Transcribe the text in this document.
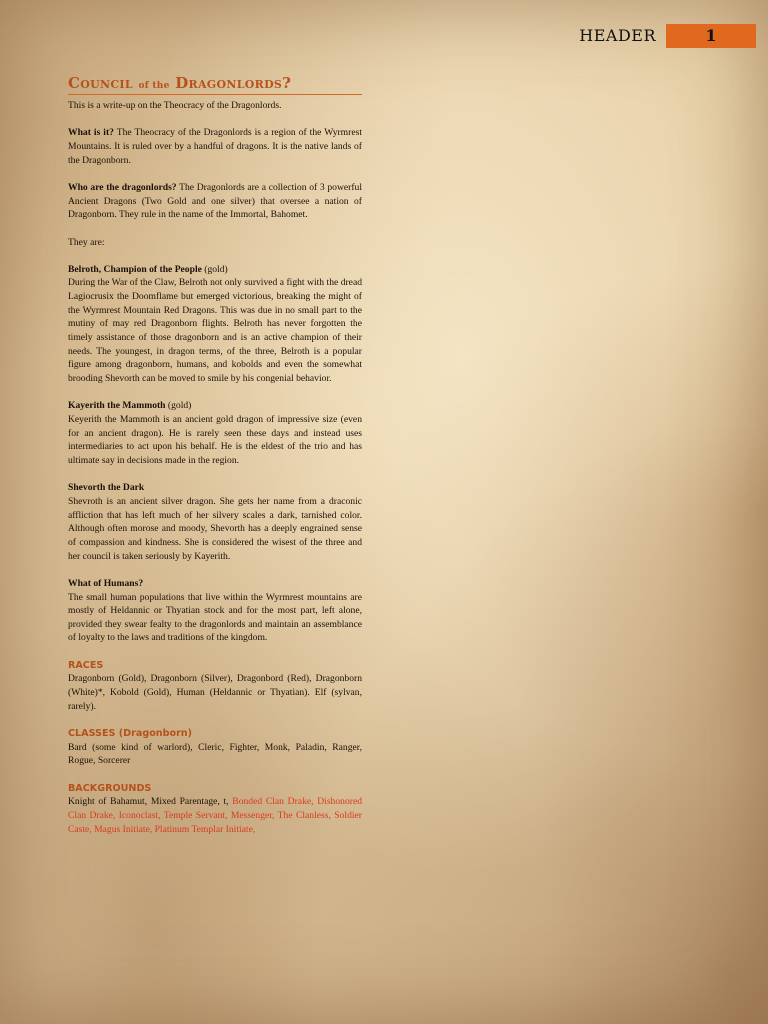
HEADER	1
Council of the Dragonlords?

This is a write-up on the Theocracy of the Dragonlords.

What is it? The Theocracy of the Dragonlords is a region of the Wyrmrest Mountains. It is ruled over by a handful of dragons. It is the native lands of the Dragonborn.

Who are the dragonlords? The Dragonlords are a collection of 3 powerful Ancient Dragons (Two Gold and one silver) that oversee a nation of Dragonborn. They rule in the name of the Immortal, Bahomet.

They are:

Belroth, Champion of the People (gold)

During the War of the Claw, Belroth not only survived a fight with the dread Lagiocrusix the Doomflame but emerged victorious, breaking the might of the Wyrmrest Mountain Red Dragons. This was due in no small part to the mutiny of may red Dragonborn flights. Belroth has never forgotten the timely assistance of those dragonborn and is an active champion of their needs. The youngest, in dragon terms, of the three, Belroth is a popular figure among dragonborn, humans, and kobolds and even the somewhat brooding Shevorth can be moved to smile by his congenial behavior.

Kayerith the Mammoth (gold)

Keyerith the Mammoth is an ancient gold dragon of impressive size (even for an ancient dragon). He is rarely seen these days and instead uses intermediaries to act upon his behalf. He is the eldest of the trio and has ultimate say in decisions made in the region.

Shevorth the Dark

Shevroth is an ancient silver dragon. She gets her name from a draconic affliction that has left much of her silvery scales a dark, tarnished color. Although often morose and moody, Shevorth has a deeply engrained sense of compassion and kindness. She is considered the wisest of the three and her council is taken seriously by Kayerith.

What of Humans?

The small human populations that live within the Wyrmrest mountains are mostly of Heldannic or Thyatian stock and for the most part, left alone, provided they swear fealty to the dragonlords and maintain an assemblance of loyalty to the laws and traditions of the kingdom.

RACES

Dragonborn (Gold), Dragonborn (Silver), Dragonbord (Red), Dragonborn (White)*, Kobold (Gold), Human (Heldannic or Thyatian). Elf (sylvan, rarely).

CLASSES (Dragonborn)

Bard (some kind of warlord), Cleric, Fighter, Monk, Paladin, Ranger, Rogue, Sorcerer

BACKGROUNDS

Knight of Bahamut, Mixed Parentage, t, Bonded Clan Drake, Dishonored Clan Drake, Iconoclast, Temple Servant, Messenger, The Clanless, Soldier Caste, Magus Initiate, Platinum Templar Initiate,
